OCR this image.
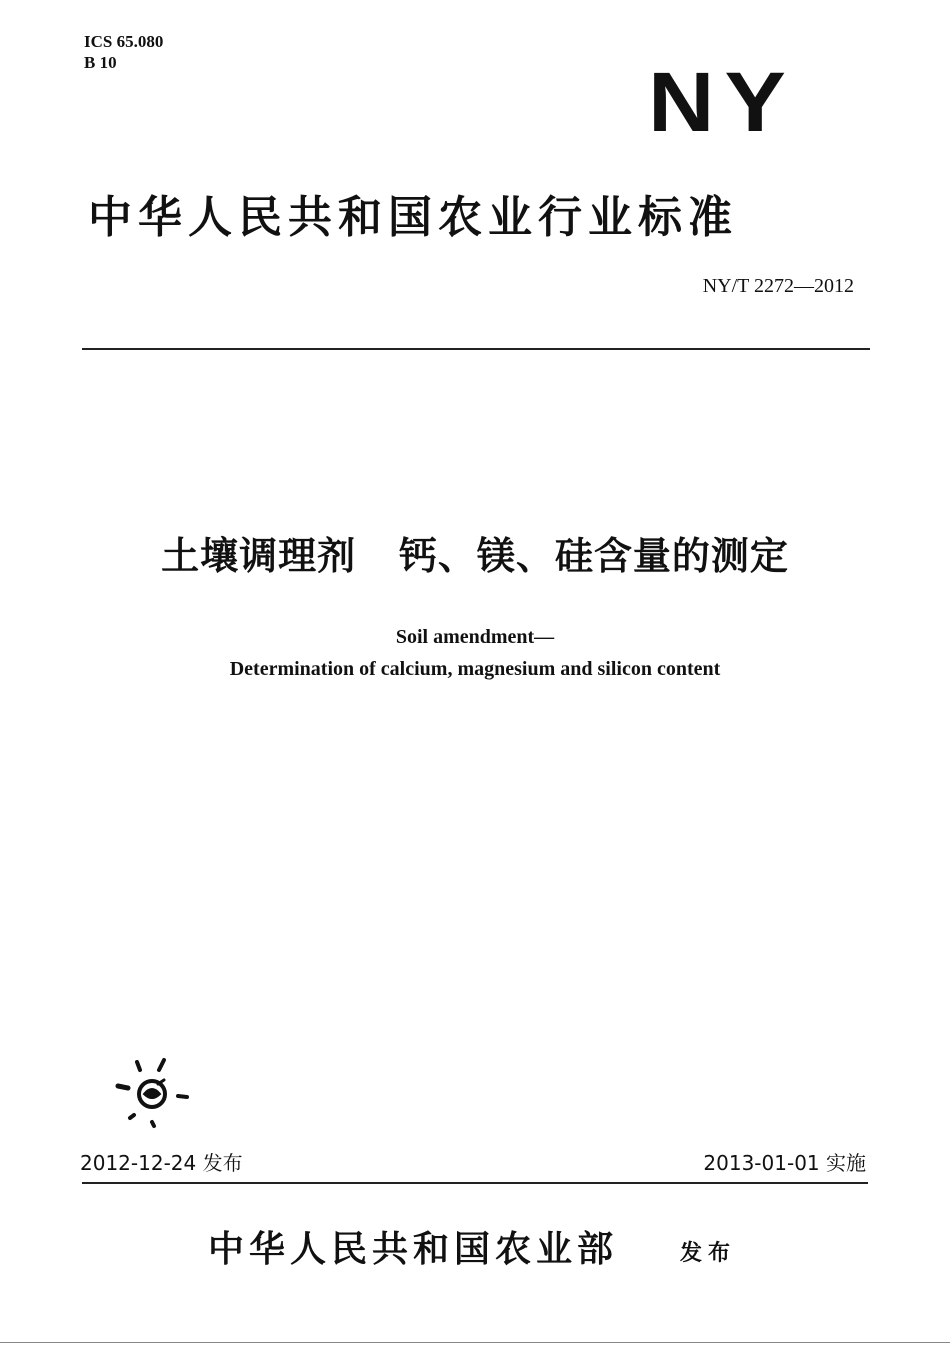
ICS 65.080
B 10	NY
中华人民共和国农业行业标准
NY/T 2272—2012
土壤调理剂   钙、镁、硅含量的测定
Soil amendment—
Determination of calcium, magnesium and silicon content
2012-12-24 发布	2013-01-01 实施
中华人民共和国农业部	发布
